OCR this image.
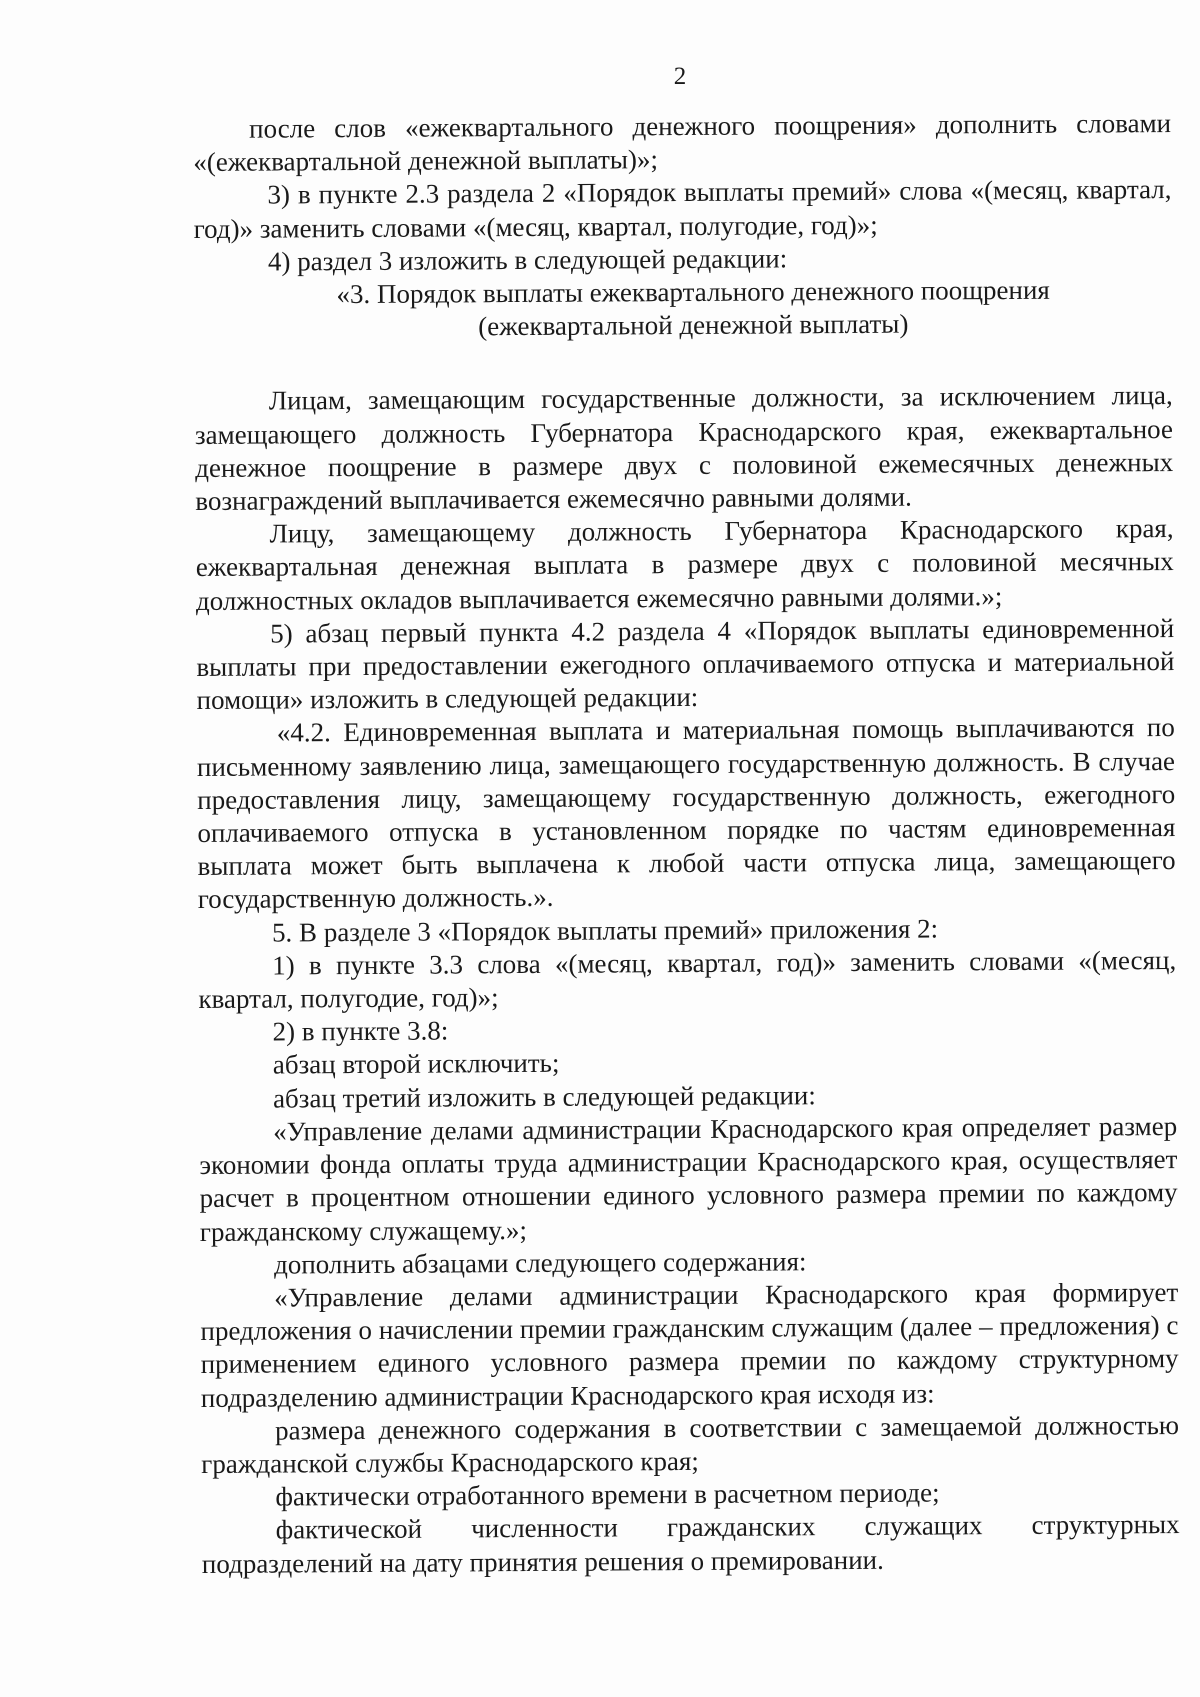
2

после слов «ежеквартального денежного поощрения» дополнить словами «(ежеквартальной денежной выплаты)»;

3) в пункте 2.3 раздела 2 «Порядок выплаты премий» слова «(месяц, квартал, год)» заменить словами «(месяц, квартал, полугодие, год)»;

4) раздел 3 изложить в следующей редакции:

«3. Порядок выплаты ежеквартального денежного поощрения

(ежеквартальной денежной выплаты)

Лицам, замещающим государственные должности, за исключением лица, замещающего должность Губернатора Краснодарского края, ежеквартальное денежное поощрение в размере двух с половиной ежемесячных денежных вознаграждений выплачивается ежемесячно равными долями.

Лицу, замещающему должность Губернатора Краснодарского края, ежеквартальная денежная выплата в размере двух с половиной месячных должностных окладов выплачивается ежемесячно равными долями.»;

5) абзац первый пункта 4.2 раздела 4 «Порядок выплаты единовременной выплаты при предоставлении ежегодного оплачиваемого отпуска и материальной помощи» изложить в следующей редакции:

«4.2. Единовременная выплата и материальная помощь выплачиваются по письменному заявлению лица, замещающего государственную должность. В случае предоставления лицу, замещающему государственную должность, ежегодного оплачиваемого отпуска в установленном порядке по частям единовременная выплата может быть выплачена к любой части отпуска лица, замещающего государственную должность.».

5. В разделе 3 «Порядок выплаты премий» приложения 2:

1) в пункте 3.3 слова «(месяц, квартал, год)» заменить словами «(месяц, квартал, полугодие, год)»;

2) в пункте 3.8:

абзац второй исключить;

абзац третий изложить в следующей редакции:

«Управление делами администрации Краснодарского края определяет размер экономии фонда оплаты труда администрации Краснодарского края, осуществляет расчет в процентном отношении единого условного размера премии по каждому гражданскому служащему.»;

дополнить абзацами следующего содержания:

«Управление делами администрации Краснодарского края формирует предложения о начислении премии гражданским служащим (далее – предложения) с применением единого условного размера премии по каждому структурному подразделению администрации Краснодарского края исходя из:

размера денежного содержания в соответствии с замещаемой должностью гражданской службы Краснодарского края;

фактически отработанного времени в расчетном периоде;

фактической численности гражданских служащих структурных подразделений на дату принятия решения о премировании.
